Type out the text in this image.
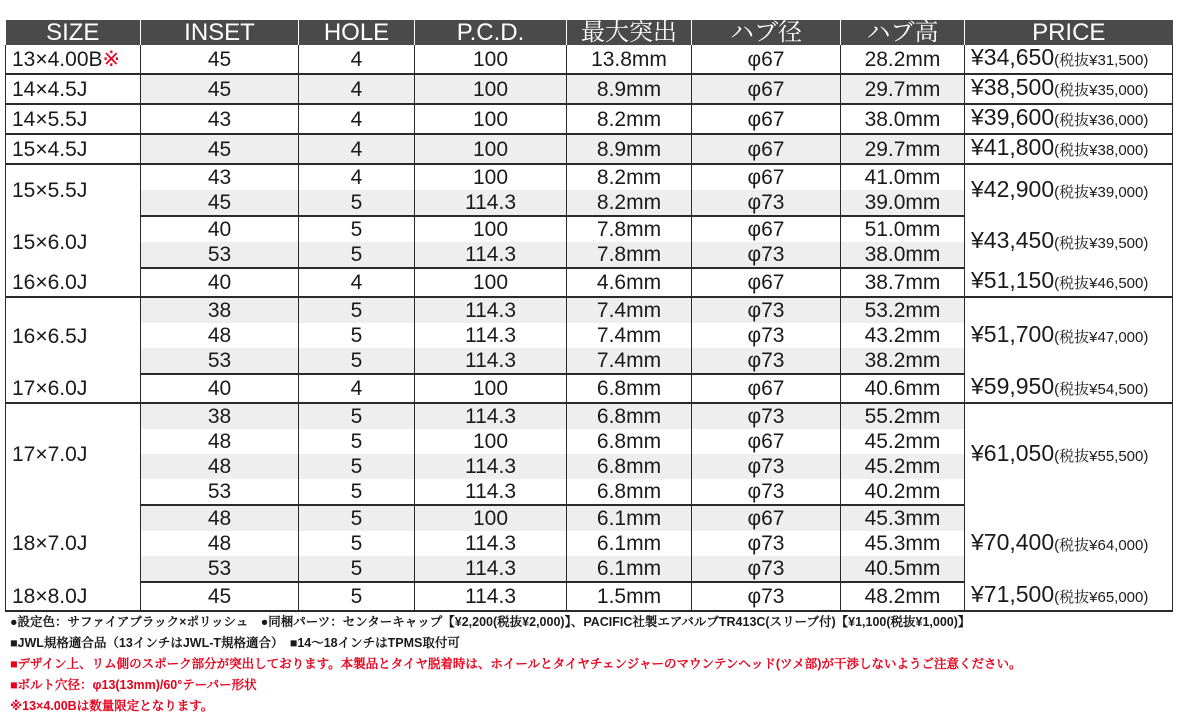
SIZE	INSET	HOLE	P.C.D.	最大突出	ハブ径	ハブ高	PRICE
13×4.00B※	45	4	100	13.8mm	φ67	28.2mm	¥34,650(税抜¥31,500)
14×4.5J	45	4	100	8.9mm	φ67	29.7mm	¥38,500(税抜¥35,000)
14×5.5J	43	4	100	8.2mm	φ67	38.0mm	¥39,600(税抜¥36,000)
15×4.5J	45	4	100	8.9mm	φ67	29.7mm	¥41,800(税抜¥38,000)
15×5.5J	43	4	100	8.2mm	φ67	41.0mm	¥42,900(税抜¥39,000)
	45	5	114.3	8.2mm	φ73	39.0mm	
15×6.0J	40	5	100	7.8mm	φ67	51.0mm	¥43,450(税抜¥39,500)
	53	5	114.3	7.8mm	φ73	38.0mm	
16×6.0J	40	4	100	4.6mm	φ67	38.7mm	¥51,150(税抜¥46,500)
16×6.5J	38	5	114.3	7.4mm	φ73	53.2mm	¥51,700(税抜¥47,000)
	48	5	114.3	7.4mm	φ73	43.2mm	
	53	5	114.3	7.4mm	φ73	38.2mm	
17×6.0J	40	4	100	6.8mm	φ67	40.6mm	¥59,950(税抜¥54,500)
17×7.0J	38	5	114.3	6.8mm	φ73	55.2mm	¥61,050(税抜¥55,500)
	48	5	100	6.8mm	φ67	45.2mm	
	48	5	114.3	6.8mm	φ73	45.2mm	
	53	5	114.3	6.8mm	φ73	40.2mm	
18×7.0J	48	5	100	6.1mm	φ67	45.3mm	¥70,400(税抜¥64,000)
	48	5	114.3	6.1mm	φ73	45.3mm	
	53	5	114.3	6.1mm	φ73	40.5mm	
18×8.0J	45	5	114.3	1.5mm	φ73	48.2mm	¥71,500(税抜¥65,000)
●設定色：サファイアブラック×ポリッシュ　●同梱パーツ：センターキャップ【¥2,200(税抜¥2,000)】、PACIFIC社製エアバルブTR413C(スリーブ付)【¥1,100(税抜¥1,000)】
■JWL規格適合品（13インチはJWL-T規格適合）　■14〜18インチはTPMS取付可
■デザイン上、リム側のスポーク部分が突出しております。本製品とタイヤ脱着時は、ホイールとタイヤチェンジャーのマウンテンヘッド(ツメ部)が干渉しないようご注意ください。
■ボルト穴径：φ13(13mm)/60°テーパー形状
※13×4.00Bは数量限定となります。
